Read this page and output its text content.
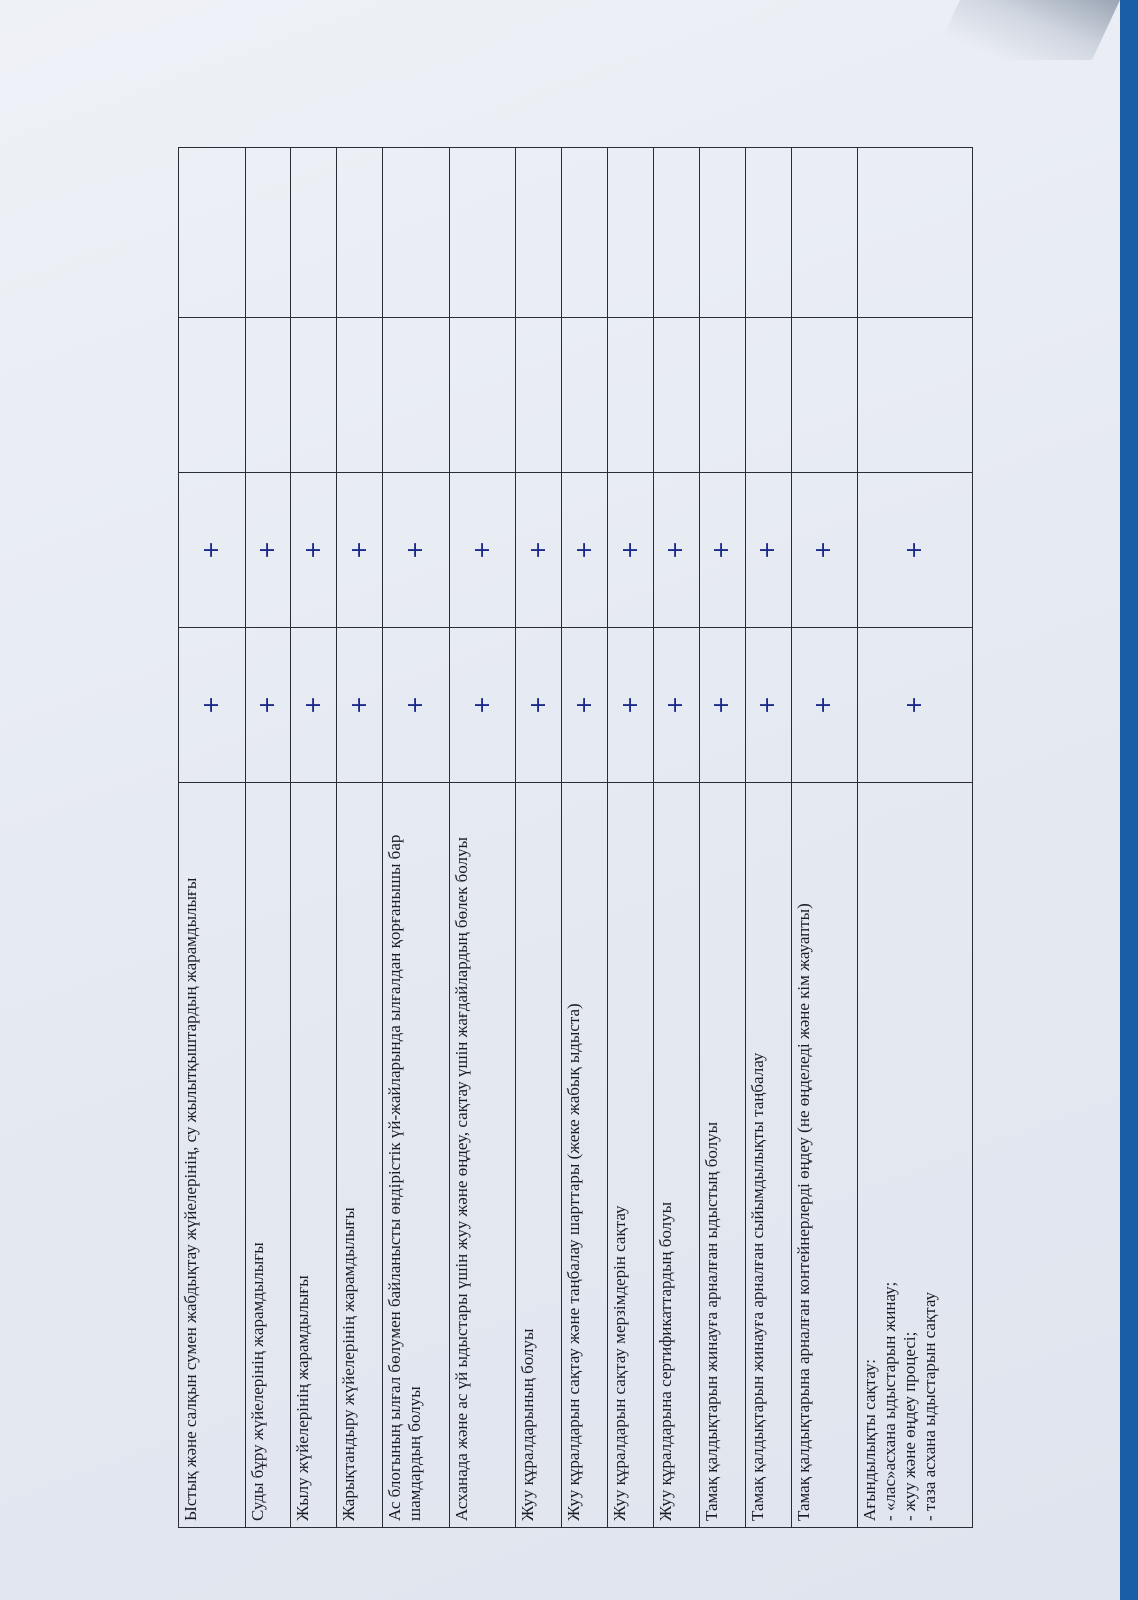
Ыстық және салқын сумен жабдықтау жүйелерінің, су жылытқыштардың жарамдылығы	+	+		
Суды бұру жүйелерінің жарамдылығы	+	+		
Жылу жүйелерінің жарамдылығы	+	+		
Жарықтандыру жүйелерінің жарамдылығы	+	+		
Ас блогының ылғал бөлумен байланысты өндірістік үй-жайларында ылғалдан қорғанышы бар шамдардың болуы	+	+		
Асханада және ас үй ыдыстары үшін жуу және өңдеу, сақтау үшін жағдайлардың бөлек болуы	+	+		
Жуу құралдарының болуы	+	+		
Жуу құралдарын сақтау және таңбалау шарттары (жеке жабық ыдыста)	+	+		
Жуу құралдарын сақтау мерзімдерін сақтау	+	+		
Жуу құралдарына сертификаттардың болуы	+	+		
Тамақ қалдықтарын жинауға арналған ыдыстың болуы	+	+		
Тамақ қалдықтарын жинауға арналған сыйымдылықты таңбалау	+	+		
Тамақ қалдықтарына арналған контейнерлерді өңдеу (не өңделеді және кім жауапты)	+	+		

Ағындылықты сақтау: - «лас»асхана ыдыстарын жинау; - жуу және өңдеу процесі; - таза асхана ыдыстарын сақтау	+	+		
